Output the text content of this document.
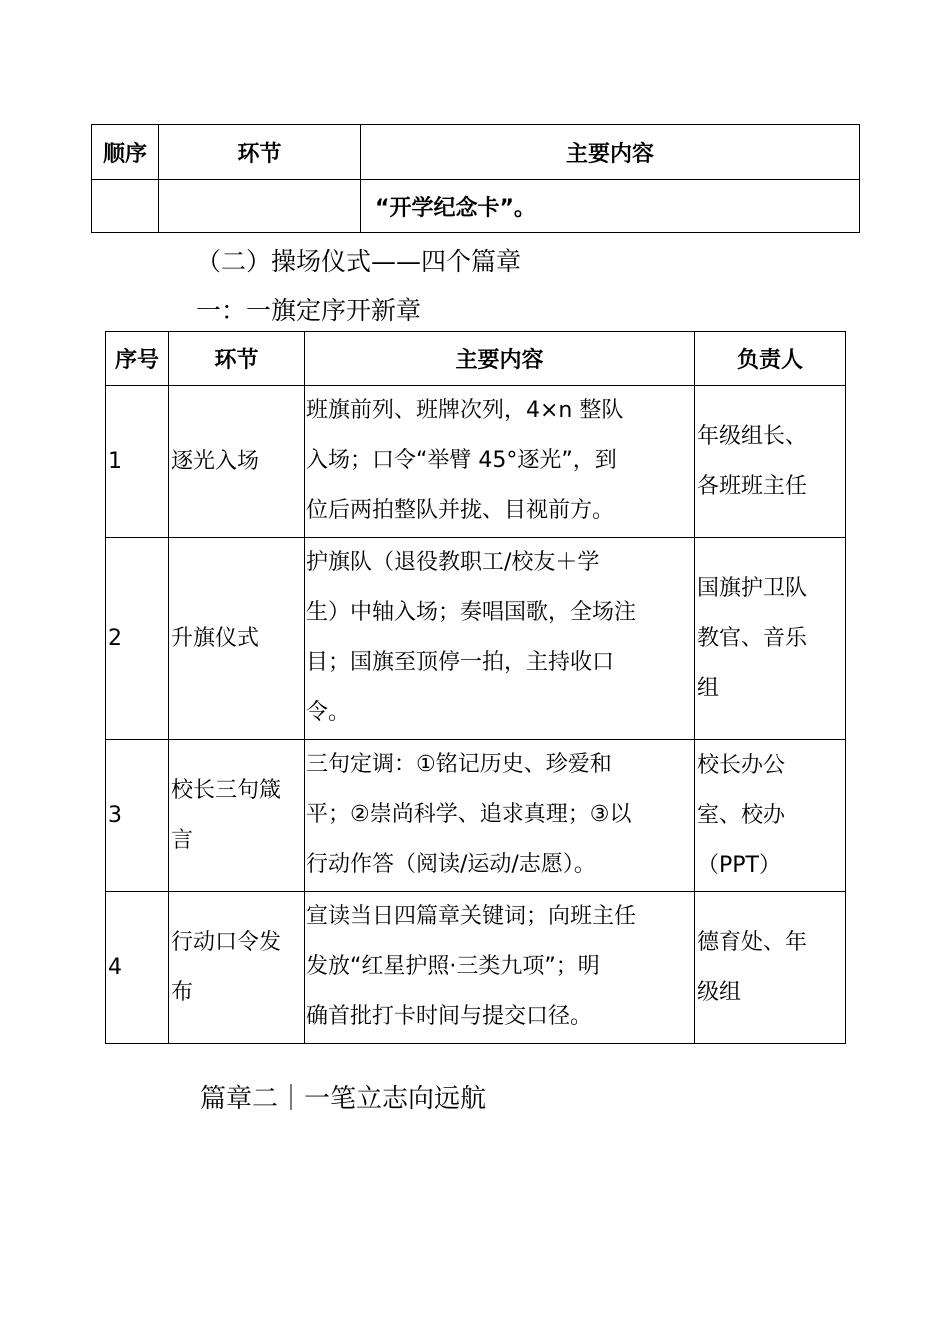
顺序	环节	主要内容
		“开学纪念卡”。
（二）操场仪式——四个篇章
一：一旗定序开新章
序号	环节	主要内容	负责人
1	逐光入场	班旗前列、班牌次列，4×n 整队
入场；口令“举臂 45°逐光”，到
位后两拍整队并拢、目视前方。	年级组长、
各班班主任

2	升旗仪式	护旗队（退役教职工/校友＋学
生）中轴入场；奏唱国歌，全场注
目；国旗至顶停一拍，主持收口
令。	国旗护卫队
教官、音乐
组

3	校长三句箴
言	三句定调：①铭记历史、珍爱和
平；②崇尚科学、追求真理；③以
行动作答（阅读/运动/志愿）。	校长办公
室、校办
（PPT）

4	行动口令发
布	宣读当日四篇章关键词；向班主任
发放“红星护照·三类九项”；明
确首批打卡时间与提交口径。	德育处、年
级组
篇章二｜一笔立志向远航
